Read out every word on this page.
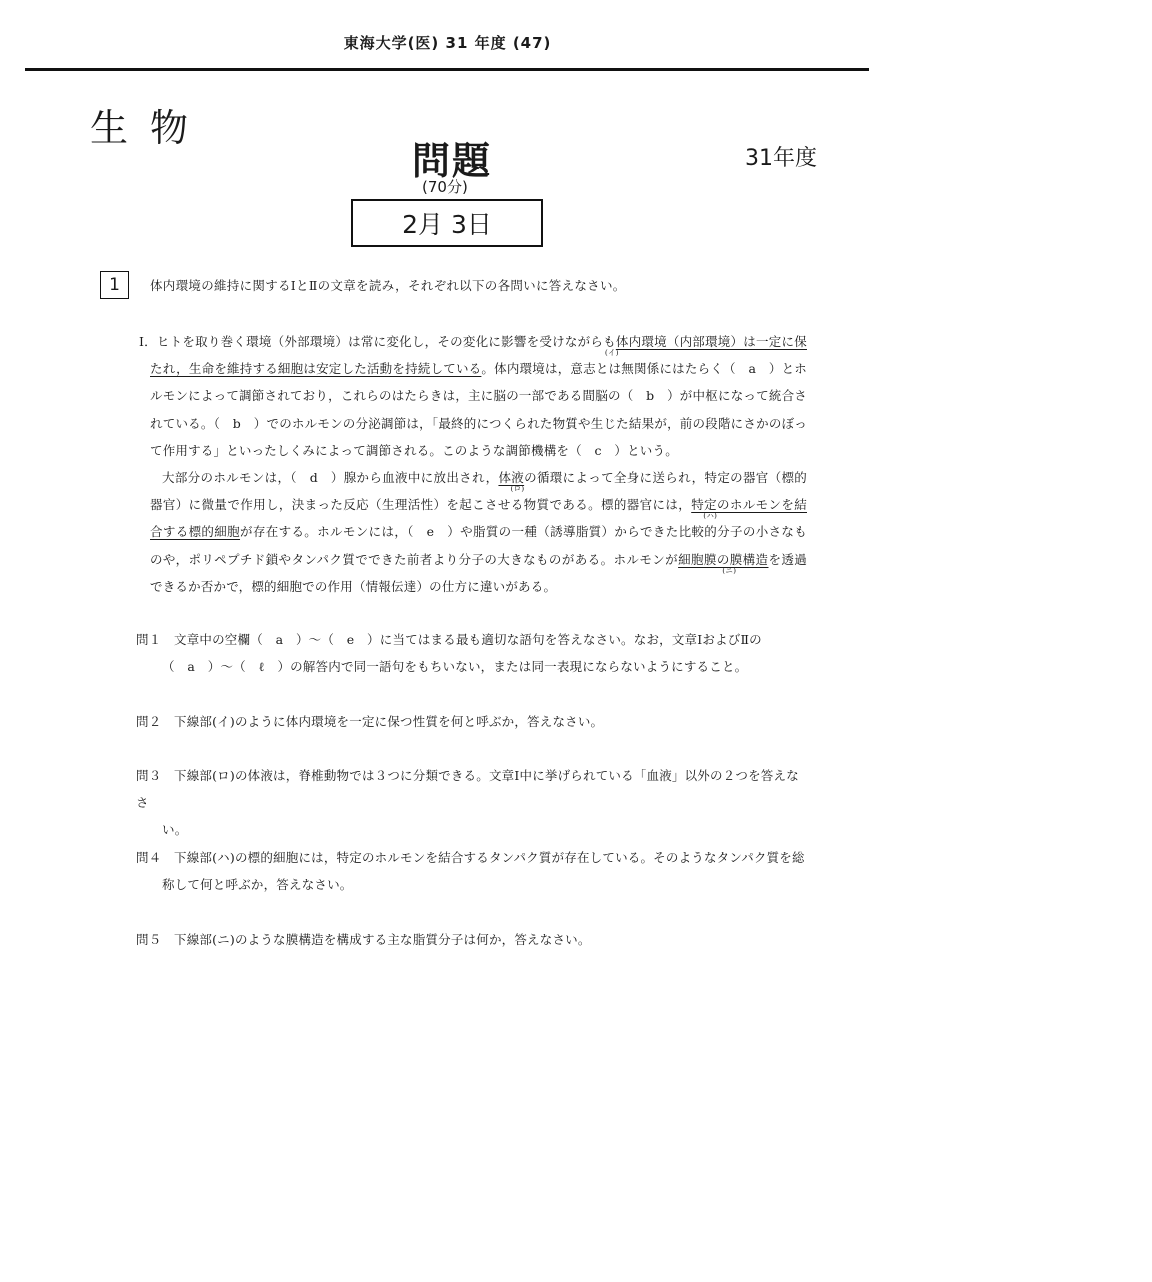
東海大学(医) 31 年度 (47)
生物
問題	31年度
(70分)
2月 3日
1 体内環境の維持に関するⅠとⅡの文章を読み，それぞれ以下の各問いに答えなさい。

Ⅰ．ヒトを取り巻く環境（外部環境）は常に変化し，その変化に影響を受けながらも体内環境（内部環境）は一定に保たれ，生命を維持する細胞は安定した活動を持続している
(イ)
。体内環境は，意志とは無関係にはたらく（　a　）とホルモンによって調節されており，これらのはたらきは，主に脳の一部である間脳の（　b　）が中枢になって統合されている。（　b　）でのホルモンの分泌調節は，「最終的につくられた物質や生じた結果が，前の段階にさかのぼって作用する」といったしくみによって調節される。このような調節機構を（　c　）という。

大部分のホルモンは，（　d　）腺から血液中に放出され，体液
(ロ)
の循環によって全身に送られ，特定の器官（標的器官）に微量で作用し，決まった反応（生理活性）を起こさせる物質である。標的器官には，特定のホルモンを結合する標的細胞
(ハ)
が存在する。ホルモンには，（　e　）や脂質の一種（誘導脂質）からできた比較的分子の小さなものや，ポリペプチド鎖やタンパク質でできた前者より分子の大きなものがある。ホルモンが細胞膜の膜構造
(ニ)
を透過できるか否かで，標的細胞での作用（情報伝達）の仕方に違いがある。

問１ 文章中の空欄（　a　）〜（　e　）に当てはまる最も適切な語句を答えなさい。なお，文章ⅠおよびⅡの
（　a　）〜（　ℓ　）の解答内で同一語句をもちいない，または同一表現にならないようにすること。
問２ 下線部(イ)のように体内環境を一定に保つ性質を何と呼ぶか，答えなさい。
問３ 下線部(ロ)の体液は，脊椎動物では３つに分類できる。文章Ⅰ中に挙げられている「血液」以外の２つを答えなさ
い。
問４ 下線部(ハ)の標的細胞には，特定のホルモンを結合するタンパク質が存在している。そのようなタンパク質を総
称して何と呼ぶか，答えなさい。
問５ 下線部(ニ)のような膜構造を構成する主な脂質分子は何か，答えなさい。
